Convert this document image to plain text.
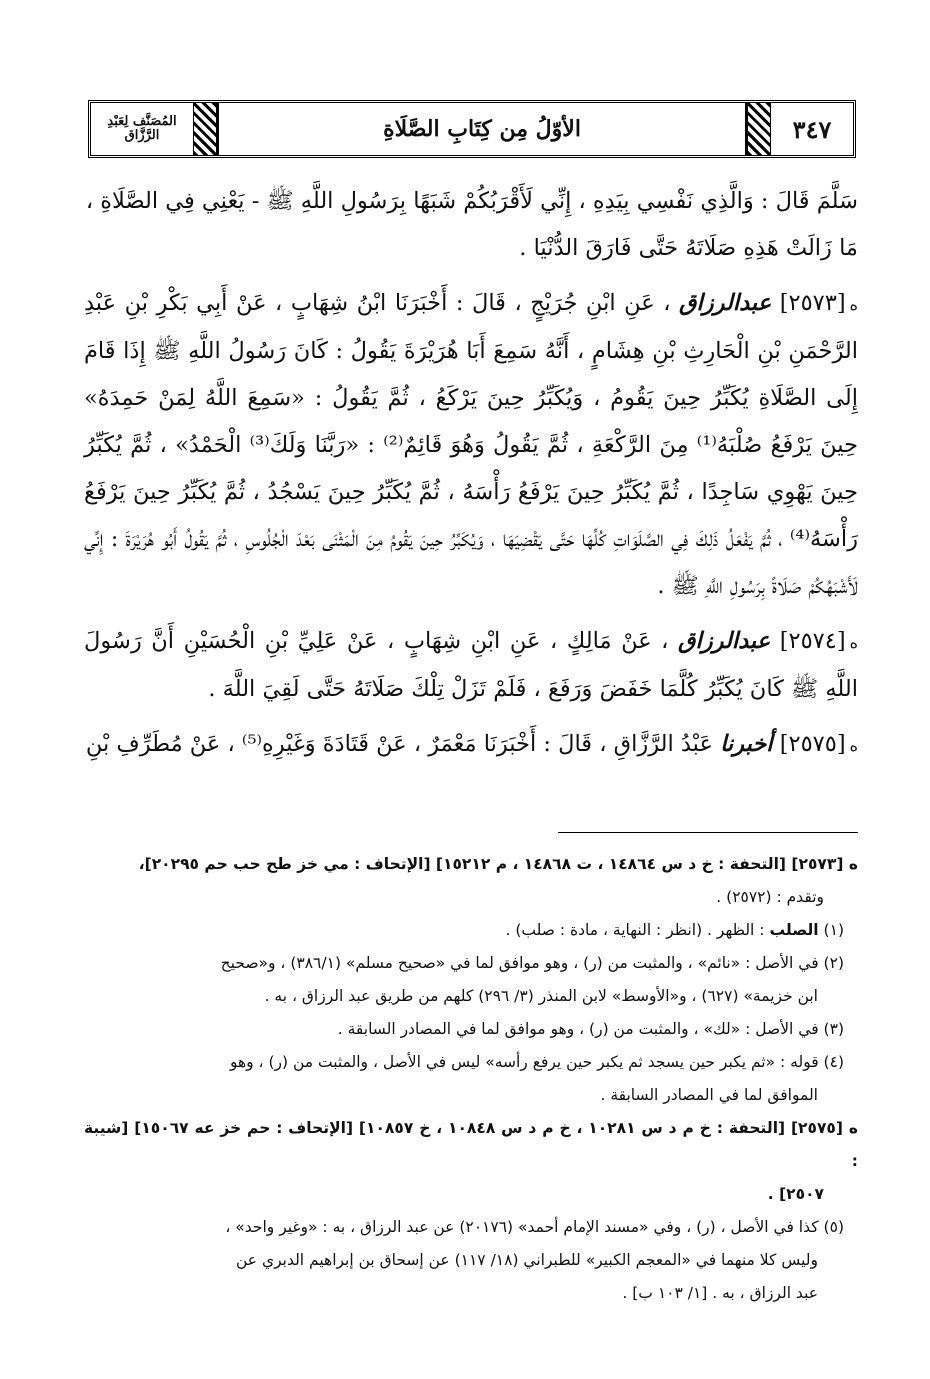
٣٤٧
الأوّلُ مِن كِتَابِ الصَّلَاةِ
المُصَنَّف لِعَبْدِ الرَّزَّاق

سَلَّمَ قَالَ : وَالَّذِي نَفْسِي بِيَدِهِ ، إِنِّي لَأَقْرَبُكُمْ شَبَهًا بِرَسُولِ اللَّهِ ﷺ - يَعْنِي فِي الصَّلَاةِ ،
مَا زَالَتْ هَذِهِ صَلَاتَهُ حَتَّى فَارَقَ الدُّنْيَا .

ه[٢٥٧٣] عبدالرزاق ، عَنِ ابْنِ جُرَيْجٍ ، قَالَ : أَخْبَرَنَا ابْنُ شِهَابٍ ، عَنْ أَبِي بَكْرِ بْنِ عَبْدِ الرَّحْمَنِ بْنِ الْحَارِثِ بْنِ هِشَامٍ ، أَنَّهُ سَمِعَ أَبَا هُرَيْرَةَ يَقُولُ : كَانَ رَسُولُ اللَّهِ ﷺ إِذَا قَامَ إِلَى الصَّلَاةِ يُكَبِّرُ حِينَ يَقُومُ ، وَيُكَبِّرُ حِينَ يَرْكَعُ ، ثُمَّ يَقُولُ : «سَمِعَ اللَّهُ لِمَنْ حَمِدَهُ» حِينَ يَرْفَعُ صُلْبَهُ⁽¹⁾ مِنَ الرَّكْعَةِ ، ثُمَّ يَقُولُ وَهُوَ قَائِمٌ⁽²⁾ : «رَبَّنَا وَلَكَ⁽³⁾ الْحَمْدُ» ، ثُمَّ يُكَبِّرُ حِينَ يَهْوِي سَاجِدًا ، ثُمَّ يُكَبِّرُ حِينَ يَرْفَعُ رَأْسَهُ ، ثُمَّ يُكَبِّرُ حِينَ يَسْجُدُ ، ثُمَّ يُكَبِّرُ حِينَ يَرْفَعُ رَأْسَهُ⁽⁴⁾ ، ثُمَّ يَفْعَلُ ذَلِكَ فِي الصَّلَوَاتِ كُلِّهَا حَتَّى يَقْضِيَهَا ، وَيُكَبِّرُ حِينَ يَقُومُ مِنَ الْمَثْنَى بَعْدَ الْجُلُوسِ ، ثُمَّ يَقُولُ أَبُو هُرَيْرَةَ : إِنِّي لَأَشْبَهُكُمْ صَلَاةً بِرَسُولِ اللَّهِ ﷺ .

ه[٢٥٧٤] عبدالرزاق ، عَنْ مَالِكٍ ، عَنِ ابْنِ شِهَابٍ ، عَنْ عَلِيِّ بْنِ الْحُسَيْنِ أَنَّ رَسُولَ اللَّهِ ﷺ كَانَ يُكَبِّرُ كُلَّمَا خَفَضَ وَرَفَعَ ، فَلَمْ تَزَلْ تِلْكَ صَلَاتَهُ حَتَّى لَقِيَ اللَّهَ .

ه[٢٥٧٥] أخبرنا عَبْدُ الرَّزَّاقِ ، قَالَ : أَخْبَرَنَا مَعْمَرٌ ، عَنْ قَتَادَةَ وَغَيْرِهِ⁽⁵⁾ ، عَنْ مُطَرِّفِ بْنِ

ه [٢٥٧٣] [التحفة : خ د س ١٤٨٦٤ ، ت ١٤٨٦٨ ، م ١٥٢١٢] [الإتحاف : مي خز طح حب حم ٢٠٢٩٥]،

وتقدم : (٢٥٧٢) .

(١) الصلب : الظهر . (انظر : النهاية ، مادة : صلب) .

(٢) في الأصل : «نائم» ، والمثبت من (ر) ، وهو موافق لما في «صحيح مسلم» (٣٨٦/١) ، و«صحيح

ابن خزيمة» (٦٢٧) ، و«الأوسط» لابن المنذر (٣/ ٢٩٦) كلهم من طريق عبد الرزاق ، به .

(٣) في الأصل : «لك» ، والمثبت من (ر) ، وهو موافق لما في المصادر السابقة .

(٤) قوله : «ثم يكبر حين يسجد ثم يكبر حين يرفع رأسه» ليس في الأصل ، والمثبت من (ر) ، وهو

الموافق لما في المصادر السابقة .

ه [٢٥٧٥] [التحفة : خ م د س ١٠٢٨١ ، خ م د س ١٠٨٤٨ ، خ ١٠٨٥٧] [الإتحاف : حم خز عه ١٥٠٦٧] [شيبة :

٢٥٠٧] .

(٥) كذا في الأصل ، (ر) ، وفي «مسند الإمام أحمد» (٢٠١٧٦) عن عبد الرزاق ، به : «وغير واحد» ،

وليس كلا منهما في «المعجم الكبير» للطبراني (١٨/ ١١٧) عن إسحاق بن إبراهيم الدبري عن

عبد الرزاق ، به . [١/ ١٠٣ ب] .
